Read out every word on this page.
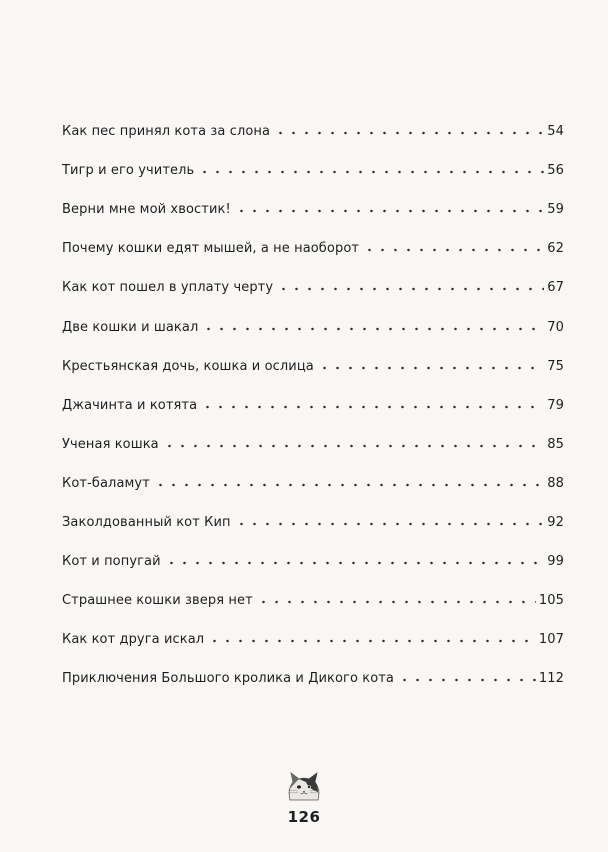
Как пес принял кота за слона	54
Тигр и его учитель	56
Верни мне мой хвостик!	59
Почему кошки едят мышей, а не наоборот	62
Как кот пошел в уплату черту	67
Две кошки и шакал	70
Крестьянская дочь, кошка и ослица	75
Джачинта и котята	79
Ученая кошка	85
Кот-баламут	88
Заколдованный кот Кип	92
Кот и попугай	99
Страшнее кошки зверя нет	105
Как кот друга искал	107
Приключения Большого кролика и Дикого кота	112
126
